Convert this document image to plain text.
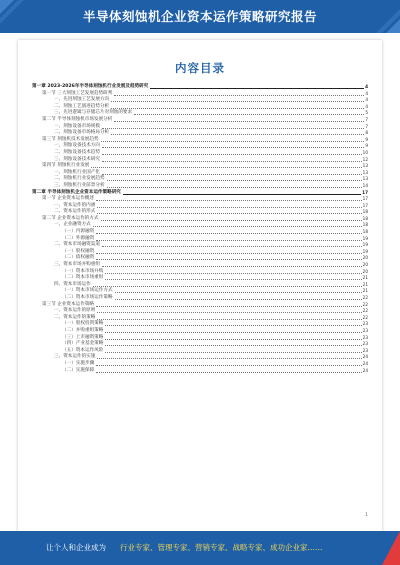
半导体刻蚀机企业资本运作策略研究报告
内容目录
第一章 2023-2026年半导体刻蚀机行业发展及趋势研究	4
第一节 三大刻蚀工艺发展趋势研判	4
一、先进刻蚀工艺发展方向	4
二、刻蚀工艺演进趋势分析	4
三、先进逻辑与存储芯片对刻蚀的要求	5
第二节 半导体刻蚀机市场发展分析	7
一、刻蚀设备市场规模	7
二、刻蚀设备市场格局分析	8
第三节 刻蚀机技术发展趋势	9
一、刻蚀设备技术方向	9
二、刻蚀设备技术趋势	10
三、刻蚀设备技术研究	12
第四节 刻蚀机行业发展	13
一、刻蚀机行业国产化	13
二、刻蚀机行业发展趋势	13
三、刻蚀机行业前景分析	14
第二章 半导体刻蚀机企业资本运作策略研究	17
第一节 企业资本运作概述	17
一、资本运作的内涵	17
二、资本运作的形式	18
第二节 企业资本运作的方式	18
一、企业融资方式	18
（一）内源融资	18
（二）外源融资	19
二、资本市场融资渠道	19
（一）股权融资	19
（二）债权融资	20
三、资本市场并购重组	20
（一）资本市场并购	20
（二）资本市场重组	21
四、资本市场运作	21
（一）资本市场运作方式	21
（二）资本市场运作策略	22
第三节 企业资本运作策略	22
一、资本运作的原则	22
二、资本运作的策略	22
（一）股权投资策略	23
（二）并购重组策略	23
（三）上市融资策略	23
（四）产业基金策略	23
（五）资本运作风险	23
三、资本运作的实施	24
（一）实施步骤	24
（二）实施保障	24
1
让个人和企业成为 行业专家、管理专家、营销专家、战略专家、成功企业家……
